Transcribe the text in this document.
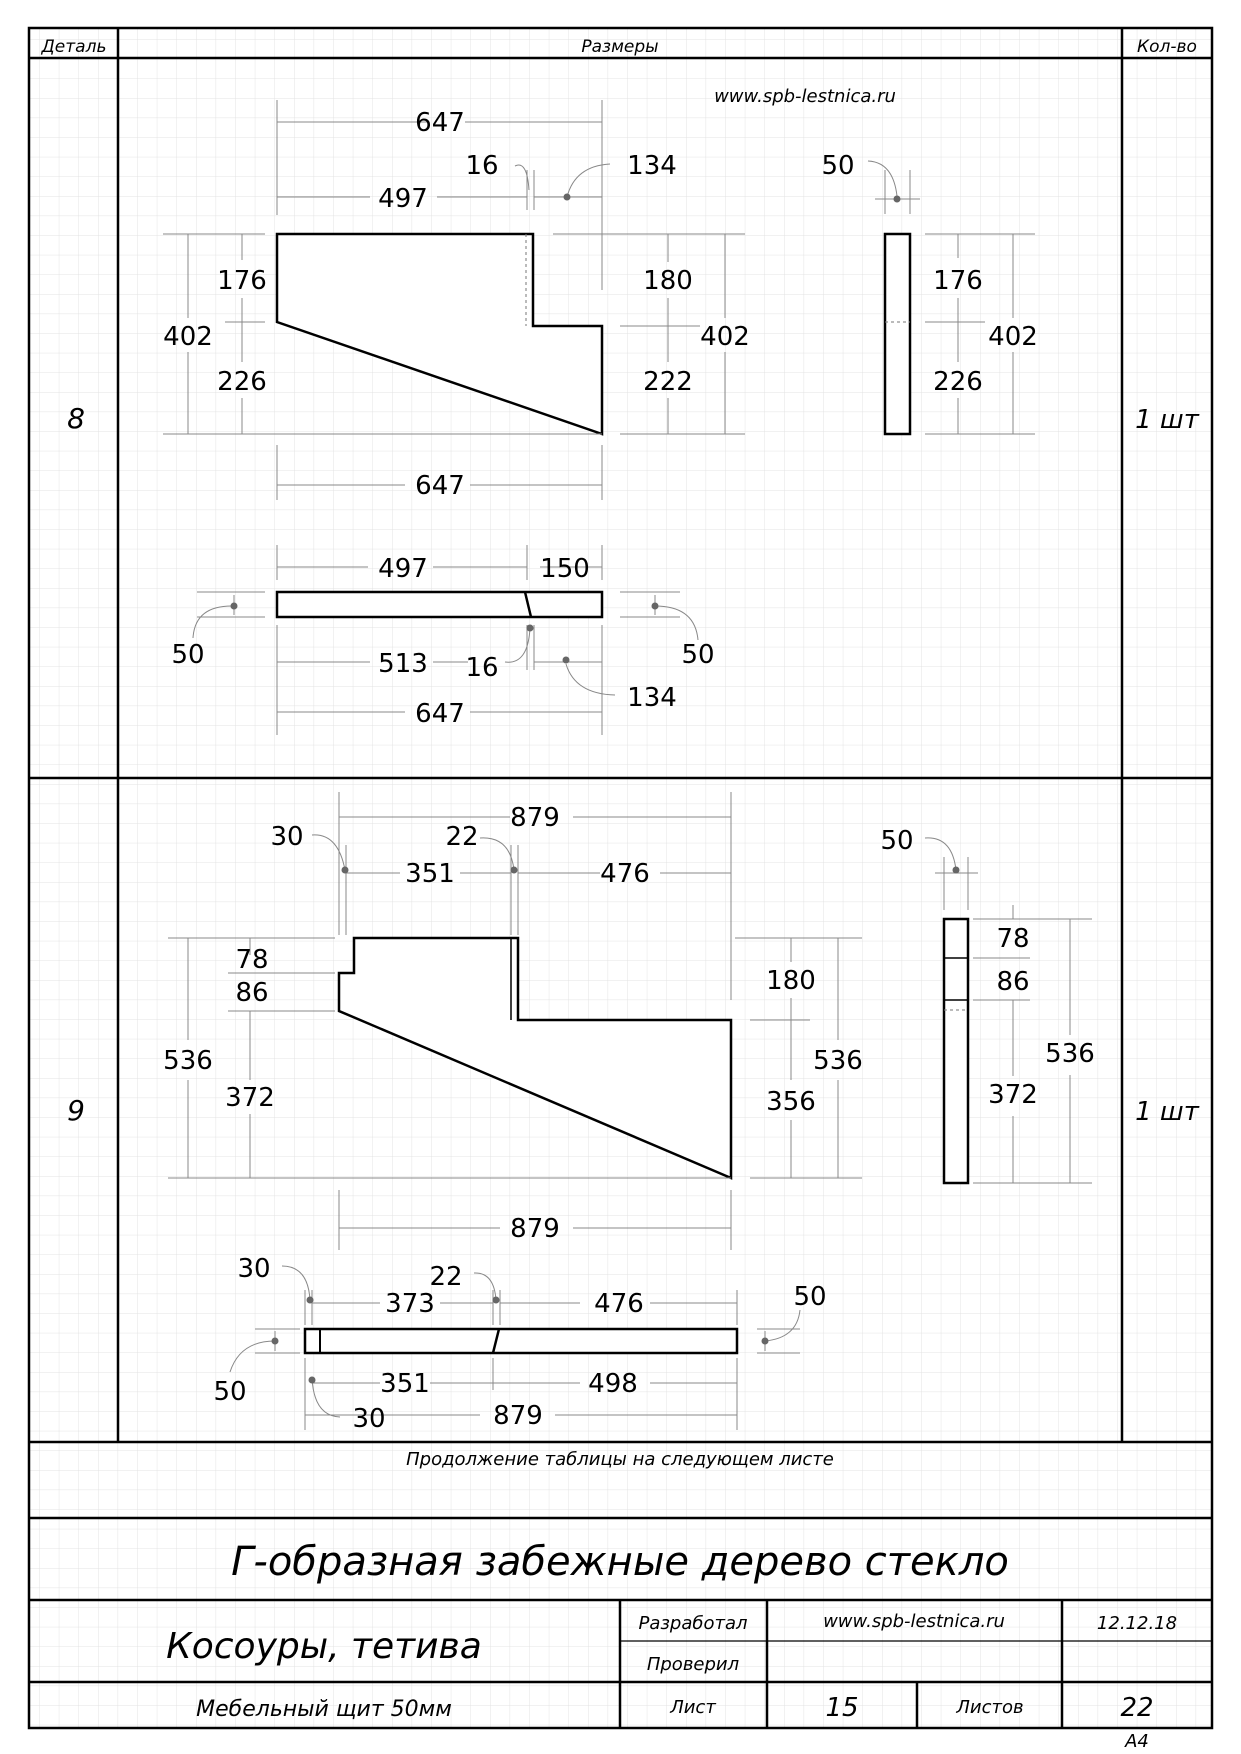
Деталь	Размеры	Кол-во
www.spb-lestnica.ru
8	1 шт
9	1 шт
647
497
16	134
402
176
226
180
222
402
647
50
176
226
402
497	150
50	50
513 16
134
647
879
30	22
351	476
78
86
536
372
180
356
536
879
50
78
86
372
536
30	22
373	476	50
50	351	498
30	879
Продолжение таблицы на следующем листе
Г-образная забежные дерево стекло
Косоуры, тетива
Мебельный щит 50мм
Разработал	www.spb-lestnica.ru	12.12.18
Проверил
Лист	15	Листов	22
A4
